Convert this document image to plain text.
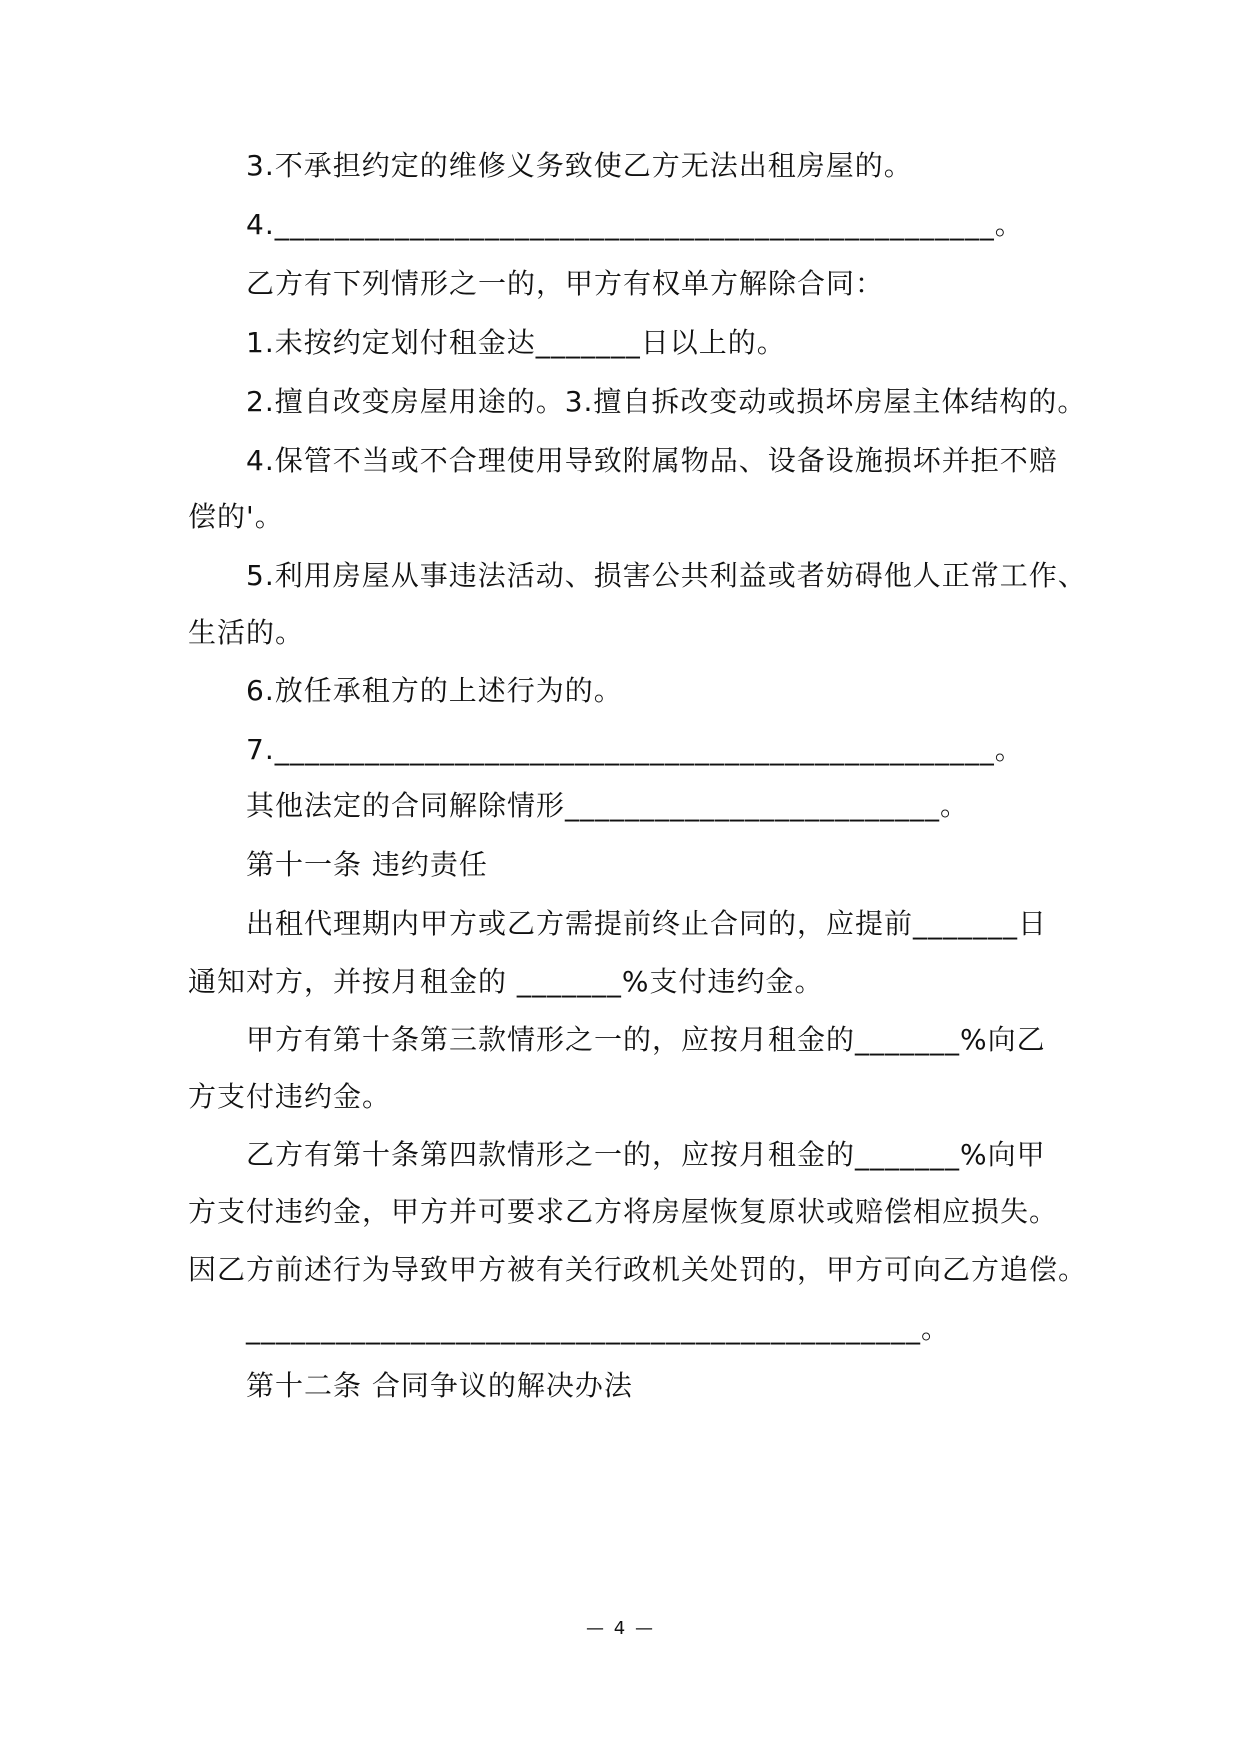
3.不承担约定的维修义务致使乙方无法出租房屋的。
4.________________________________________________。
乙方有下列情形之一的，甲方有权单方解除合同：
1.未按约定划付租金达_______日以上的。
2.擅自改变房屋用途的。3.擅自拆改变动或损坏房屋主体结构的。
4.保管不当或不合理使用导致附属物品、设备设施损坏并拒不赔
偿的'。
5.利用房屋从事违法活动、损害公共利益或者妨碍他人正常工作、
生活的。
6.放任承租方的上述行为的。
7.________________________________________________。
其他法定的合同解除情形_________________________。
第十一条 违约责任
出租代理期内甲方或乙方需提前终止合同的，应提前_______日
通知对方，并按月租金的 _______%支付违约金。
甲方有第十条第三款情形之一的，应按月租金的_______%向乙
方支付违约金。
乙方有第十条第四款情形之一的，应按月租金的_______%向甲
方支付违约金，甲方并可要求乙方将房屋恢复原状或赔偿相应损失。
因乙方前述行为导致甲方被有关行政机关处罚的，甲方可向乙方追偿。
_____________________________________________。
第十二条 合同争议的解决办法
— 4 —
